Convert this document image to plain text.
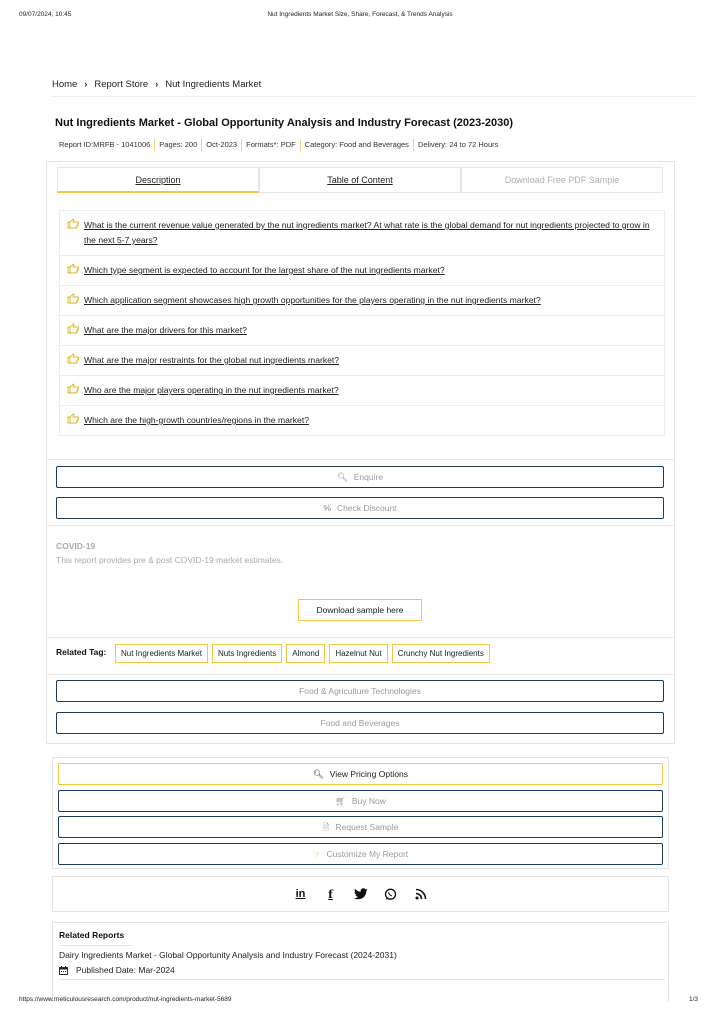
09/07/2024, 10:45	Nut Ingredients Market Size, Share, Forecast, & Trends Analysis
Home › Report Store › Nut Ingredients Market
Nut Ingredients Market - Global Opportunity Analysis and Industry Forecast (2023-2030)
Report ID:MRFB - 1041006	Pages: 200	Oct-2023	Formats*: PDF	Category: Food and Beverages	Delivery: 24 to 72 Hours
Description	Table of Content	Download Free PDF Sample
What is the current revenue value generated by the nut ingredients market? At what rate is the global demand for nut ingredients projected to grow in the next 5-7 years?
Which type segment is expected to account for the largest share of the nut ingredients market?
Which application segment showcases high growth opportunities for the players operating in the nut ingredients market?
What are the major drivers for this market?
What are the major restraints for the global nut ingredients market?
Who are the major players operating in the nut ingredients market?
Which are the high-growth countries/regions in the market?
🔍︎ Enquire
% Check Discount
COVID-19
This report provides pre & post COVID-19 market estimates.
Download sample here
Related Tag:	Nut Ingredients Market	Nuts Ingredients	Almond	Hazelnut Nut	Crunchy Nut Ingredients
Food & Agriculture Technologies
Food and Beverages
🔍︎ View Pricing Options
🛒︎ Buy Now
🗎︎ Request Sample
☞ Customize My Report
in	f
Related Reports
Dairy Ingredients Market - Global Opportunity Analysis and Industry Forecast (2024-2031)
Published Date: Mar-2024
https://www.meticulousresearch.com/product/nut-ingredients-market-5689	1/3
